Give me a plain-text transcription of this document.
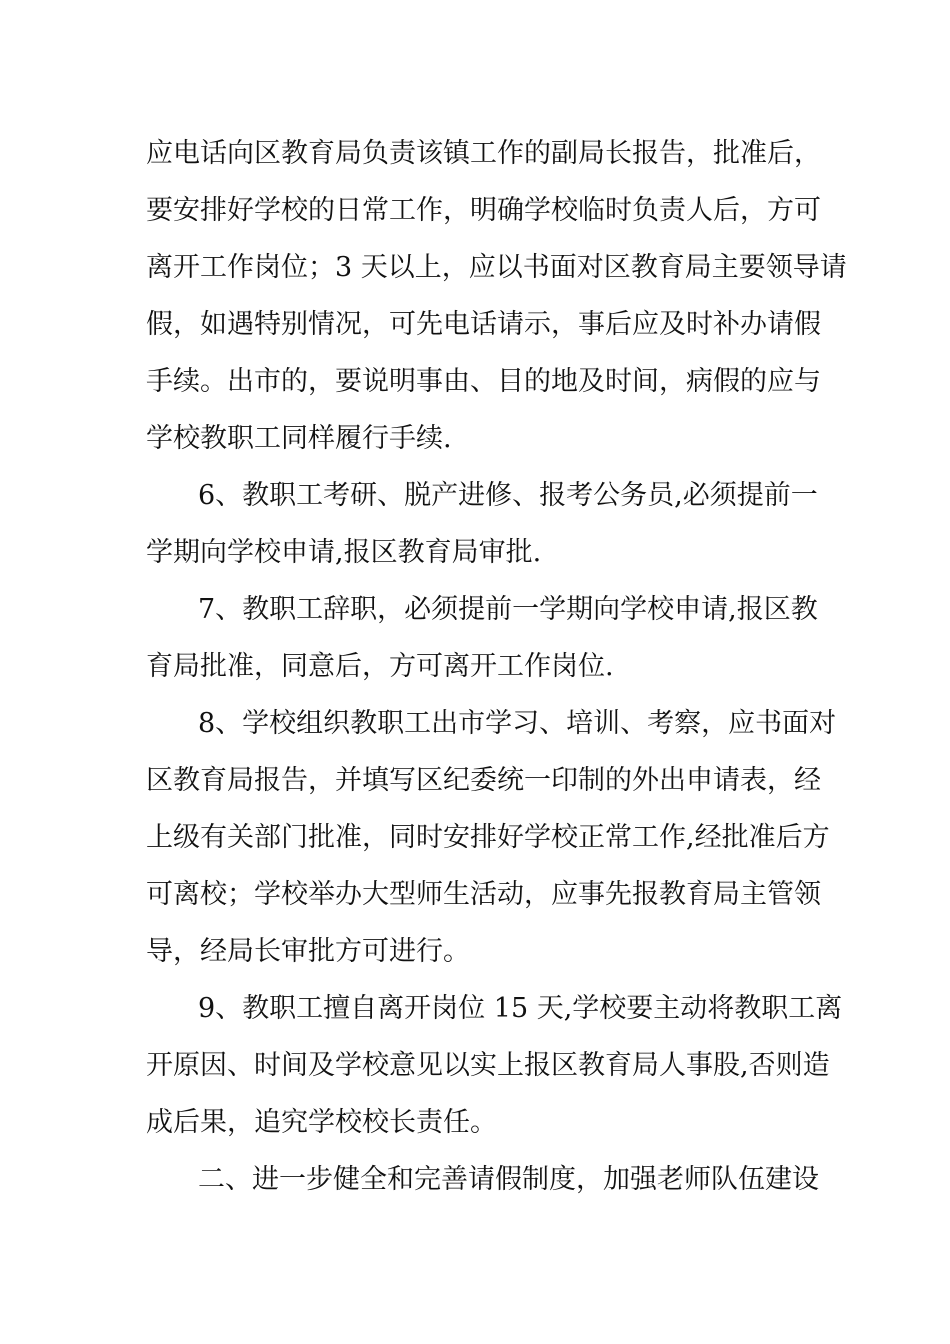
应电话向区教育局负责该镇工作的副局长报告，批准后，
要安排好学校的日常工作，明确学校临时负责人后，方可
离开工作岗位；3 天以上，应以书面对区教育局主要领导请
假，如遇特别情况，可先电话请示，事后应及时补办请假
手续。出市的，要说明事由、目的地及时间，病假的应与
学校教职工同样履行手续.
6、教职工考研、脱产进修、报考公务员,必须提前一
学期向学校申请,报区教育局审批.
7、教职工辞职，必须提前一学期向学校申请,报区教
育局批准，同意后，方可离开工作岗位.
8、学校组织教职工出市学习、培训、考察，应书面对
区教育局报告，并填写区纪委统一印制的外出申请表，经
上级有关部门批准，同时安排好学校正常工作,经批准后方
可离校；学校举办大型师生活动，应事先报教育局主管领
导，经局长审批方可进行。
9、教职工擅自离开岗位 15 天,学校要主动将教职工离
开原因、时间及学校意见以实上报区教育局人事股,否则造
成后果，追究学校校长责任。
二、进一步健全和完善请假制度，加强老师队伍建设
